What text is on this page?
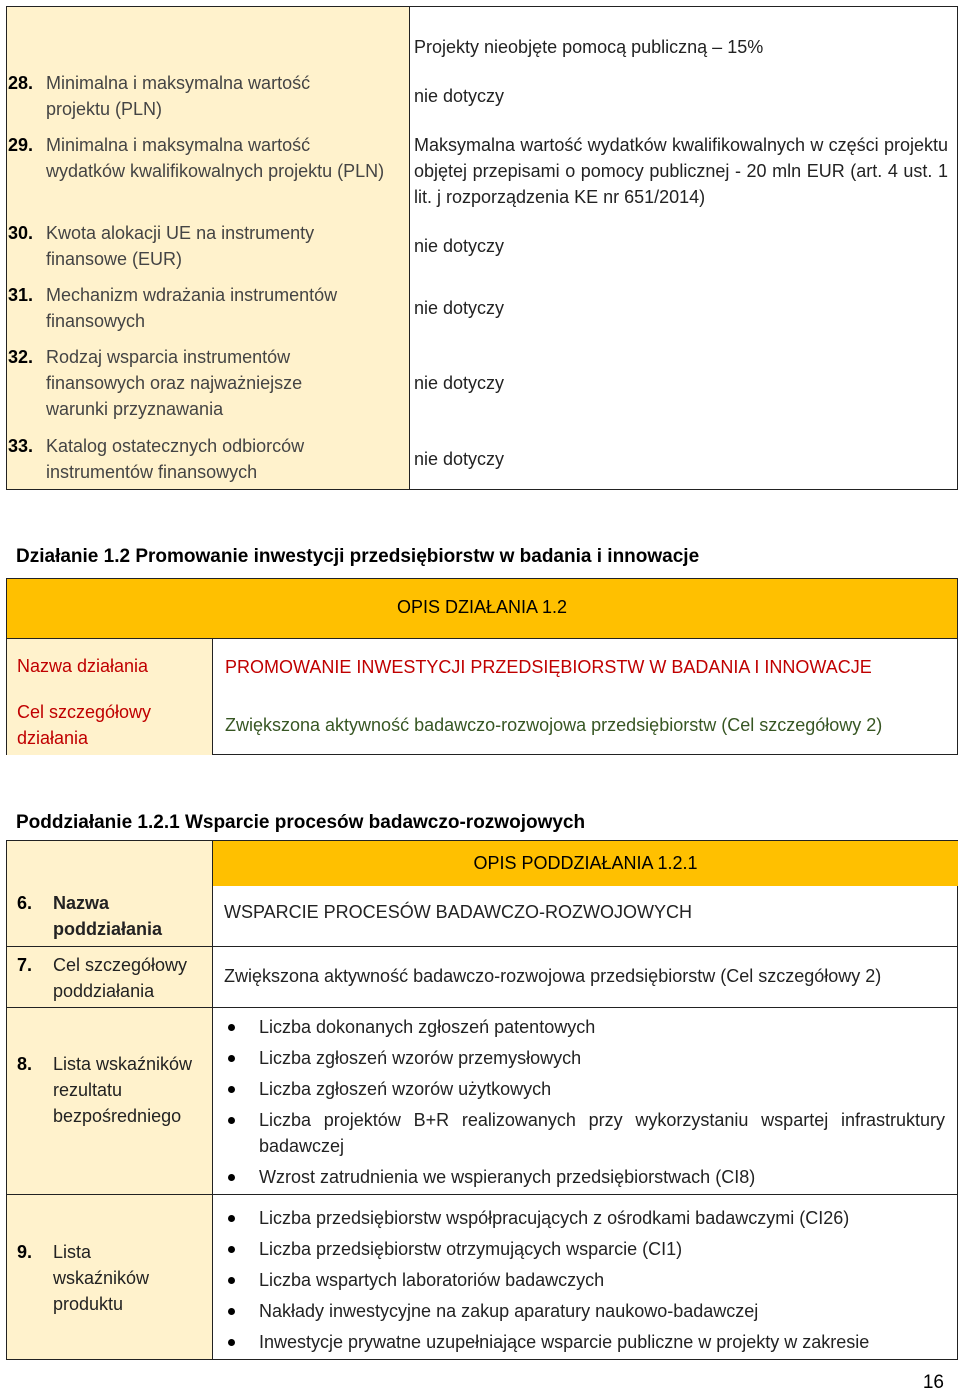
28. Minimalna i maksymalna wartość projektu (PLN)
29. Minimalna i maksymalna wartość wydatków kwalifikowalnych projektu (PLN)
30. Kwota alokacji UE na instrumenty finansowe (EUR)
31. Mechanizm wdrażania instrumentów finansowych
32. Rodzaj wsparcia instrumentów finansowych oraz najważniejsze warunki przyznawania
33. Katalog ostatecznych odbiorców instrumentów finansowych
Projekty nieobjęte pomocą publiczną – 15%
nie dotyczy
Maksymalna wartość wydatków kwalifikowalnych w części projektu objętej przepisami o pomocy publicznej - 20 mln EUR (art. 4 ust. 1 lit. j rozporządzenia KE nr 651/2014)
nie dotyczy
nie dotyczy
nie dotyczy
nie dotyczy
Działanie 1.2 Promowanie inwestycji przedsiębiorstw w badania i innowacje
OPIS DZIAŁANIA 1.2
Nazwa działania
Cel szczegółowy działania
PROMOWANIE INWESTYCJI PRZEDSIĘBIORSTW W BADANIA I INNOWACJE
Zwiększona aktywność badawczo-rozwojowa przedsiębiorstw (Cel szczegółowy 2)
Poddziałanie 1.2.1 Wsparcie procesów badawczo-rozwojowych
OPIS PODDZIAŁANIA 1.2.1
6. Nazwa poddziałania
7. Cel szczegółowy poddziałania
8. Lista wskaźników rezultatu bezpośredniego
9. Lista wskaźników produktu
WSPARCIE PROCESÓW BADAWCZO-ROZWOJOWYCH
Zwiększona aktywność badawczo-rozwojowa przedsiębiorstw (Cel szczegółowy 2)
Liczba dokonanych zgłoszeń patentowych
Liczba zgłoszeń wzorów przemysłowych
Liczba zgłoszeń wzorów użytkowych
Liczba projektów B+R realizowanych przy wykorzystaniu wspartej infrastruktury badawczej
Wzrost zatrudnienia we wspieranych przedsiębiorstwach (CI8)
Liczba przedsiębiorstw współpracujących z ośrodkami badawczymi (CI26)
Liczba przedsiębiorstw otrzymujących wsparcie (CI1)
Liczba wspartych laboratoriów badawczych
Nakłady inwestycyjne na zakup aparatury naukowo-badawczej
Inwestycje prywatne uzupełniające wsparcie publiczne w projekty w zakresie
16
